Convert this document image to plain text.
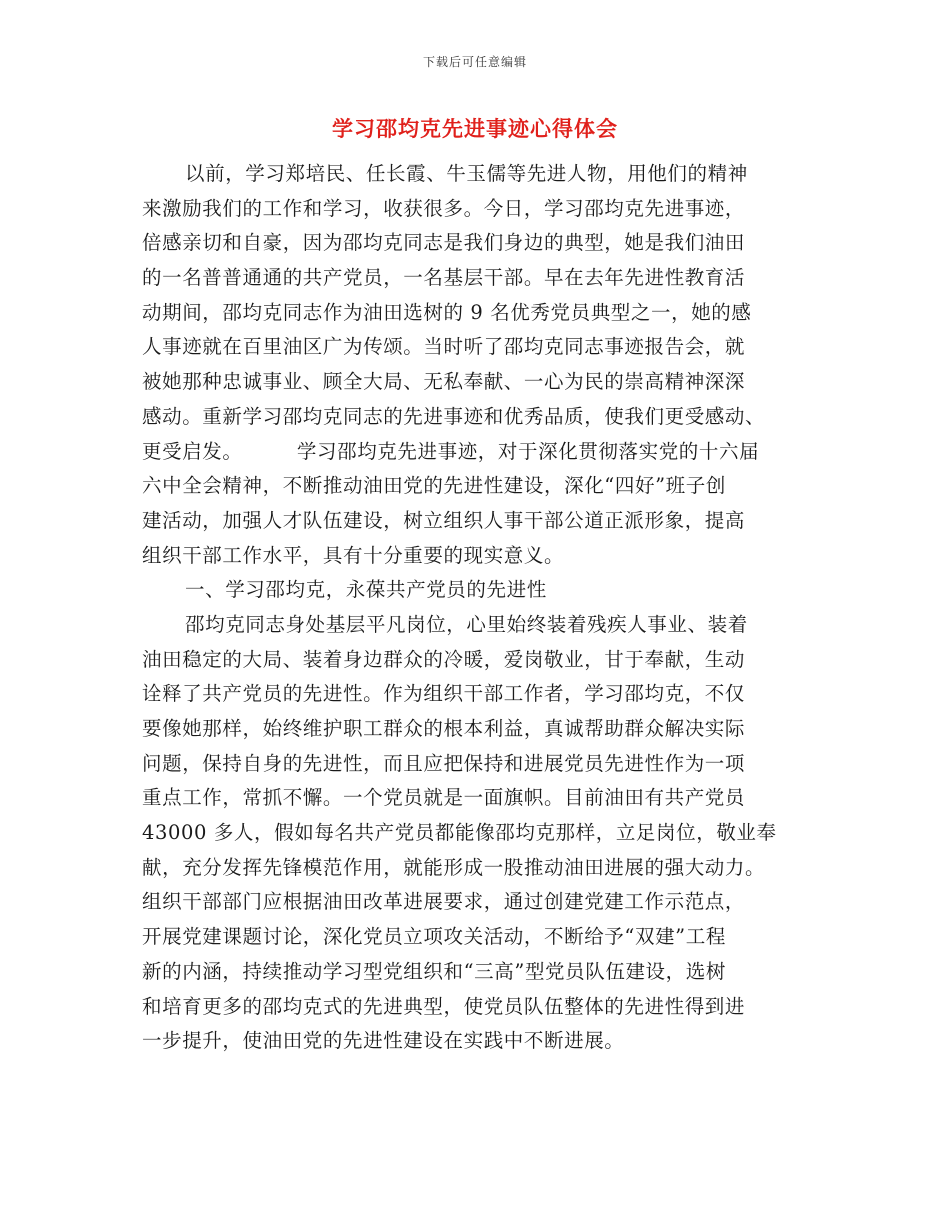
下载后可任意编辑
学习邵均克先进事迹心得体会
以前，学习郑培民、任长霞、牛玉儒等先进人物，用他们的精神
来激励我们的工作和学习，收获很多。今日，学习邵均克先进事迹，
倍感亲切和自豪，因为邵均克同志是我们身边的典型，她是我们油田
的一名普普通通的共产党员，一名基层干部。早在去年先进性教育活
动期间，邵均克同志作为油田选树的 9 名优秀党员典型之一，她的感
人事迹就在百里油区广为传颂。当时听了邵均克同志事迹报告会，就
被她那种忠诚事业、顾全大局、无私奉献、一心为民的崇高精神深深
感动。重新学习邵均克同志的先进事迹和优秀品质，使我们更受感动、
更受启发。        学习邵均克先进事迹，对于深化贯彻落实党的十六届
六中全会精神，不断推动油田党的先进性建设，深化“四好”班子创
建活动，加强人才队伍建设，树立组织人事干部公道正派形象，提高
组织干部工作水平，具有十分重要的现实意义。
一、学习邵均克，永葆共产党员的先进性
邵均克同志身处基层平凡岗位，心里始终装着残疾人事业、装着
油田稳定的大局、装着身边群众的冷暖，爱岗敬业，甘于奉献，生动
诠释了共产党员的先进性。作为组织干部工作者，学习邵均克，不仅
要像她那样，始终维护职工群众的根本利益，真诚帮助群众解决实际
问题，保持自身的先进性，而且应把保持和进展党员先进性作为一项
重点工作，常抓不懈。一个党员就是一面旗帜。目前油田有共产党员
43000 多人，假如每名共产党员都能像邵均克那样，立足岗位，敬业奉
献，充分发挥先锋模范作用，就能形成一股推动油田进展的强大动力。
组织干部部门应根据油田改革进展要求，通过创建党建工作示范点，
开展党建课题讨论，深化党员立项攻关活动，不断给予“双建”工程
新的内涵，持续推动学习型党组织和“三高”型党员队伍建设，选树
和培育更多的邵均克式的先进典型，使党员队伍整体的先进性得到进
一步提升，使油田党的先进性建设在实践中不断进展。
